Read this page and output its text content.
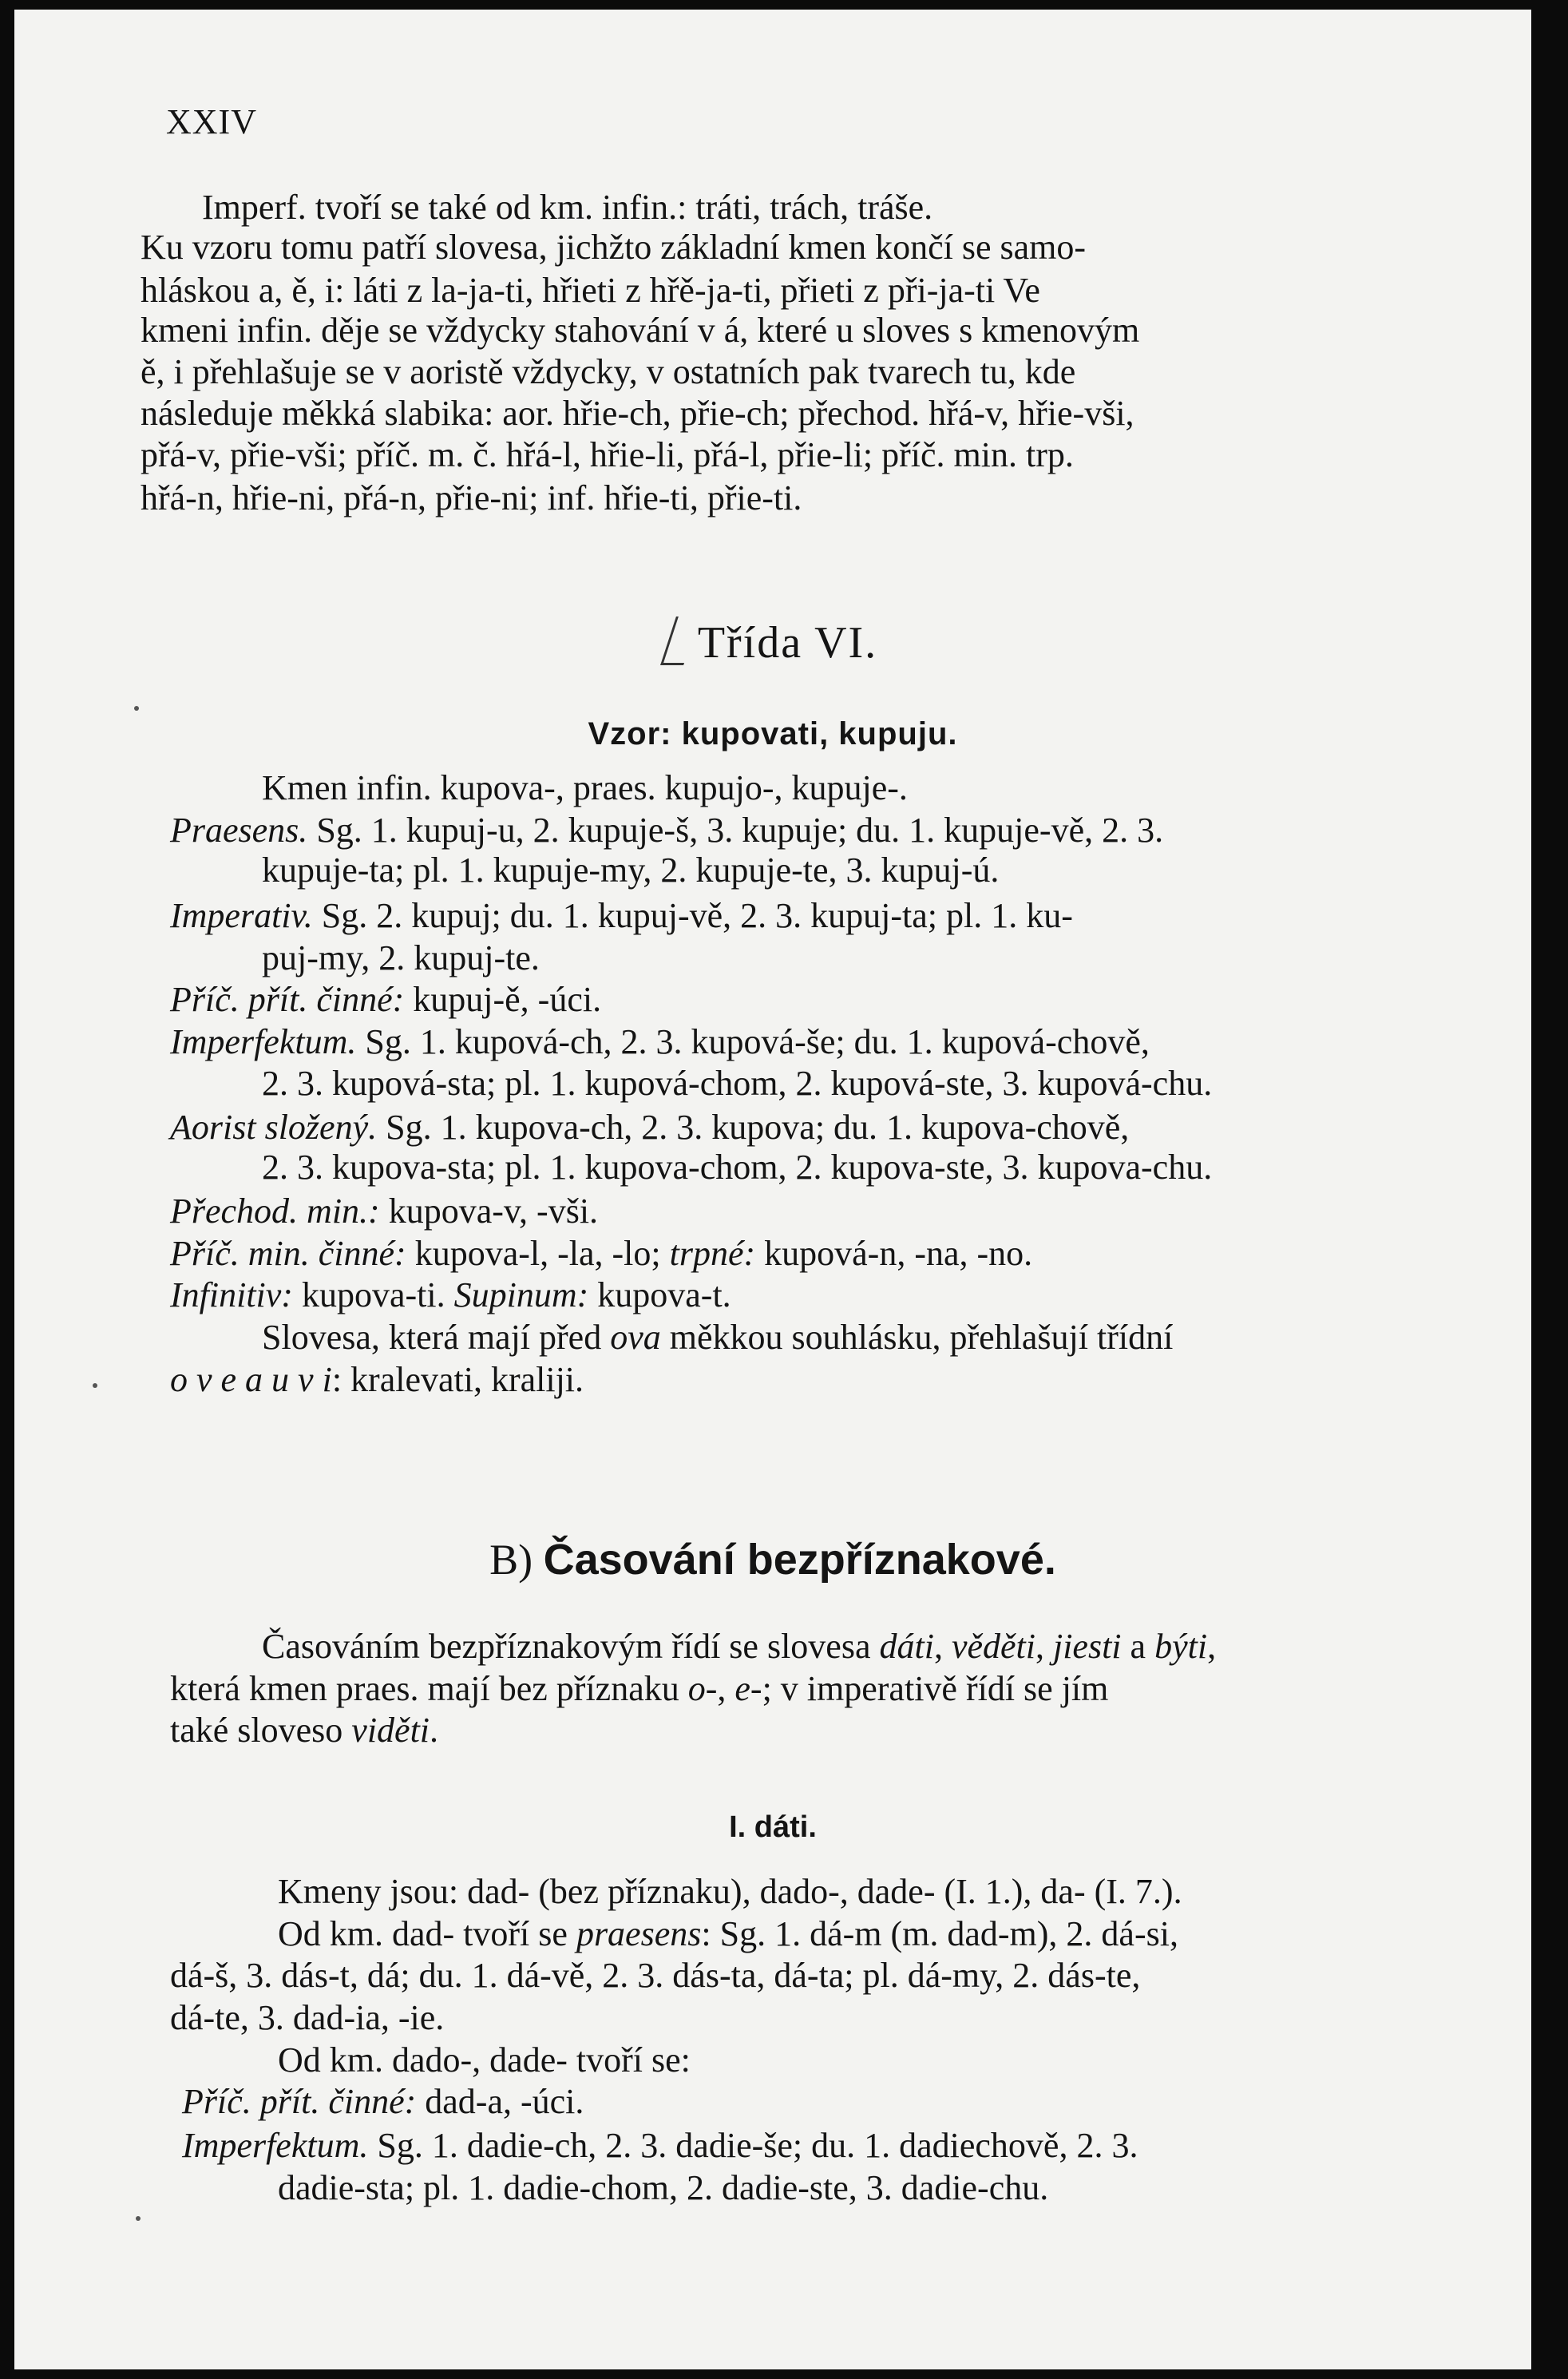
XXIV
Imperf. tvoří se také od km. infin.: tráti, trách, tráše.
Ku vzoru tomu patří slovesa, jichžto základní kmen končí se samo-
hláskou a, ě, i: láti z la-ja-ti, hřieti z hřě-ja-ti, přieti z při-ja-ti Ve
kmeni infin. děje se vždycky stahování v á, které u sloves s kmenovým
ě, i přehlašuje se v aoristě vždycky, v ostatních pak tvarech tu, kde
následuje měkká slabika: aor. hřie-ch, přie-ch; přechod. hřá-v, hřie-vši,
přá-v, přie-vši; příč. m. č. hřá-l, hřie-li, přá-l, přie-li; příč. min. trp.
hřá-n, hřie-ni, přá-n, přie-ni; inf. hřie-ti, přie-ti.
Třída VI.
Vzor: kupovati, kupuju.
Kmen infin. kupova-, praes. kupujo-, kupuje-.
Praesens. Sg. 1. kupuj-u, 2. kupuje-š, 3. kupuje; du. 1. kupuje-vě, 2. 3.
kupuje-ta; pl. 1. kupuje-my, 2. kupuje-te, 3. kupuj-ú.
Imperativ. Sg. 2. kupuj; du. 1. kupuj-vě, 2. 3. kupuj-ta; pl. 1. ku-
puj-my, 2. kupuj-te.
Příč. přít. činné: kupuj-ě, -úci.
Imperfektum. Sg. 1. kupová-ch, 2. 3. kupová-še; du. 1. kupová-chově,
2. 3. kupová-sta; pl. 1. kupová-chom, 2. kupová-ste, 3. kupová-chu.
Aorist složený. Sg. 1. kupova-ch, 2. 3. kupova; du. 1. kupova-chově,
2. 3. kupova-sta; pl. 1. kupova-chom, 2. kupova-ste, 3. kupova-chu.
Přechod. min.: kupova-v, -vši.
Příč. min. činné: kupova-l, -la, -lo; trpné: kupová-n, -na, -no.
Infinitiv: kupova-ti. Supinum: kupova-t.
Slovesa, která mají před ova měkkou souhlásku, přehlašují třídní
o v e a u v i: kralevati, kraliji.
B) Časování bezpříznakové.
Časováním bezpříznakovým řídí se slovesa dáti, věděti, jiesti a býti,
která kmen praes. mají bez příznaku o-, e-; v imperativě řídí se jím
také sloveso viděti.
I. dáti.
Kmeny jsou: dad- (bez příznaku), dado-, dade- (I. 1.), da- (I. 7.).
Od km. dad- tvoří se praesens: Sg. 1. dá-m (m. dad-m), 2. dá-si,
dá-š, 3. dás-t, dá; du. 1. dá-vě, 2. 3. dás-ta, dá-ta; pl. dá-my, 2. dás-te,
dá-te, 3. dad-ia, -ie.
Od km. dado-, dade- tvoří se:
Příč. přít. činné: dad-a, -úci.
Imperfektum. Sg. 1. dadie-ch, 2. 3. dadie-še; du. 1. dadiechově, 2. 3.
dadie-sta; pl. 1. dadie-chom, 2. dadie-ste, 3. dadie-chu.
